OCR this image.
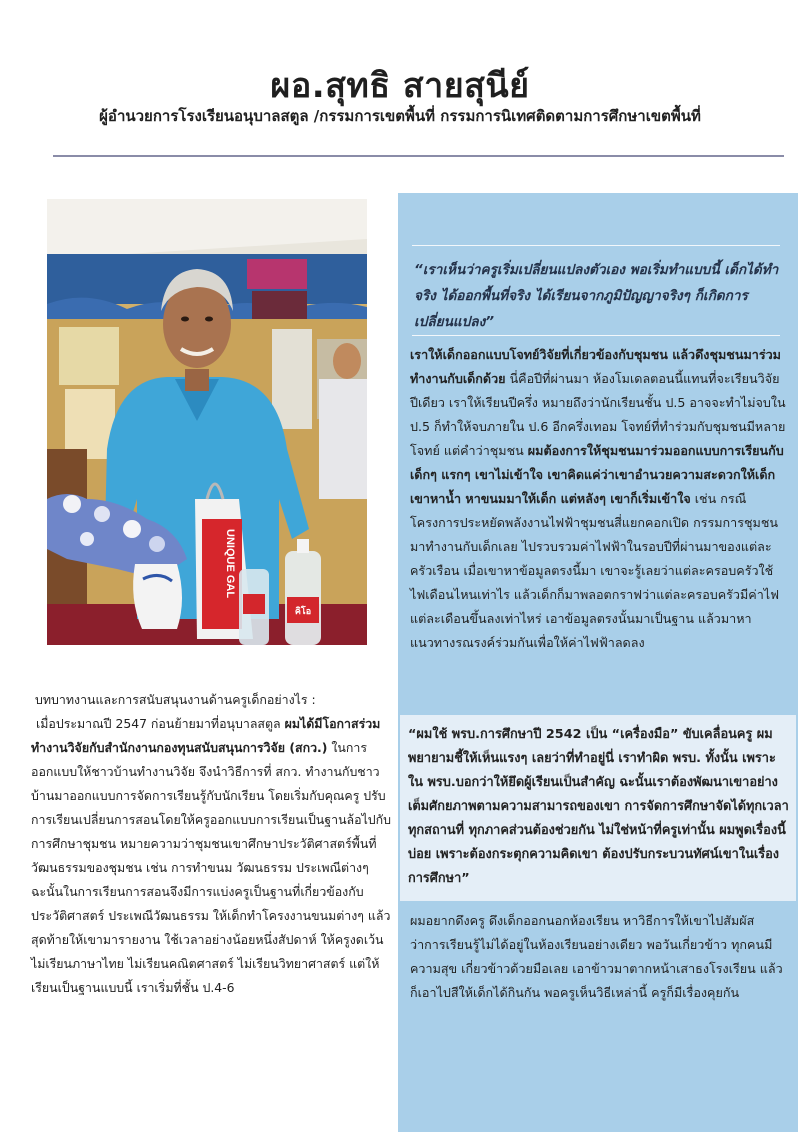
ผอ.สุทธิ สายสุนีย์
ผู้อำนวยการโรงเรียนอนุบาลสตูล /กรรมการเขตพื้นที่ กรรมการนิเทศติดตามการศึกษาเขตพื้นที่
UNIQUE GAL
คิโอ

บทบาทงานและการสนับสนุนงานด้านครูเด็กอย่างไร :

เมื่อประมาณปี 2547 ก่อนย้ายมาที่อนุบาลสตูล ผมได้มีโอกาสร่วมทำงานวิจัยกับสำนักงานกองทุนสนับสนุนการวิจัย (สกว.) ในการออกแบบให้ชาวบ้านทำงานวิจัย จึงนำวิธีการที่ สกว. ทำงานกับชาวบ้านมาออกแบบการจัดการเรียนรู้กับนักเรียน โดยเริ่มกับคุณครู ปรับการเรียนเปลี่ยนการสอนโดยให้ครูออกแบบการเรียนเป็นฐานล้อไปกับการศึกษาชุมชน หมายความว่าชุมชนเขาศึกษาประวัติศาสตร์พื้นที่ วัฒนธรรมของชุมชน เช่น การทำขนม วัฒนธรรม ประเพณีต่างๆ ฉะนั้นในการเรียนการสอนจึงมีการแบ่งครูเป็นฐานที่เกี่ยวข้องกับประวัติศาสตร์ ประเพณีวัฒนธรรม ให้เด็กทำโครงงานขนมต่างๆ แล้วสุดท้ายให้เขามารายงาน ใช้เวลาอย่างน้อยหนึ่งสัปดาห์ ให้ครูงดเว้นไม่เรียนภาษาไทย ไม่เรียนคณิตศาสตร์ ไม่เรียนวิทยาศาสตร์ แต่ให้เรียนเป็นฐานแบบนี้ เราเริ่มที่ชั้น ป.4-6

“เราเห็นว่าครูเริ่มเปลี่ยนแปลงตัวเอง พอเริ่มทำแบบนี้ เด็กได้ทำจริง ได้ออกพื้นที่จริง ได้เรียนจากภูมิปัญญาจริงๆ ก็เกิดการเปลี่ยนแปลง”

เราให้เด็กออกแบบโจทย์วิจัยที่เกี่ยวข้องกับชุมชน แล้วดึงชุมชนมาร่วมทำงานกับเด็กด้วย นี่คือปีที่ผ่านมา ห้องโมเดลตอนนี้แทนที่จะเรียนวิจัยปีเดียว เราให้เรียนปีครึ่ง หมายถึงว่านักเรียนชั้น ป.5 อาจจะทำไม่จบใน ป.5 ก็ทำให้จบภายใน ป.6 อีกครึ่งเทอม โจทย์ที่ทำร่วมกับชุมชนมีหลายโจทย์ แต่คำว่าชุมชน ผมต้องการให้ชุมชนมาร่วมออกแบบการเรียนกับเด็กๆ แรกๆ เขาไม่เข้าใจ เขาคิดแค่ว่าเขาอำนวยความสะดวกให้เด็ก เขาหาน้ำ หาขนมมาให้เด็ก แต่หลังๆ เขาก็เริ่มเข้าใจ เช่น กรณีโครงการประหยัดพลังงานไฟฟ้าชุมชนสี่แยกคอกเปิด กรรมการชุมชนมาทำงานกับเด็กเลย ไปรวบรวมค่าไฟฟ้าในรอบปีที่ผ่านมาของแต่ละครัวเรือน เมื่อเขาหาข้อมูลตรงนี้มา เขาจะรู้เลยว่าแต่ละครอบครัวใช้ไฟเดือนไหนเท่าไร แล้วเด็กก็มาพลอตกราฟว่าแต่ละครอบครัวมีค่าไฟแต่ละเดือนขึ้นลงเท่าไหร่ เอาข้อมูลตรงนั้นมาเป็นฐาน แล้วมาหาแนวทางรณรงค์ร่วมกันเพื่อให้ค่าไฟฟ้าลดลง

“ผมใช้ พรบ.การศึกษาปี 2542 เป็น “เครื่องมือ” ขับเคลื่อนครู ผมพยายามชี้ให้เห็นแรงๆ เลยว่าที่ทำอยู่นี่ เราทำผิด พรบ. ทั้งนั้น เพราะใน พรบ.บอกว่าให้ยึดผู้เรียนเป็นสำคัญ ฉะนั้นเราต้องพัฒนาเขาอย่างเต็มศักยภาพตามความสามารถของเขา การจัดการศึกษาจัดได้ทุกเวลา ทุกสถานที่ ทุกภาคส่วนต้องช่วยกัน ไม่ใช่หน้าที่ครูเท่านั้น ผมพูดเรื่องนี้บ่อย เพราะต้องกระตุกความคิดเขา ต้องปรับกระบวนทัศน์เขาในเรื่องการศึกษา”

ผมอยากดึงครู ดึงเด็กออกนอกห้องเรียน หาวิธีการให้เขาไปสัมผัสว่าการเรียนรู้ไม่ได้อยู่ในห้องเรียนอย่างเดียว พอวันเกี่ยวข้าว ทุกคนมีความสุข เกี่ยวข้าวด้วยมือเลย เอาข้าวมาตากหน้าเสาธงโรงเรียน แล้วก็เอาไปสีให้เด็กได้กินกัน พอครูเห็นวิธีเหล่านี้ ครูก็มีเรื่องคุยกัน
